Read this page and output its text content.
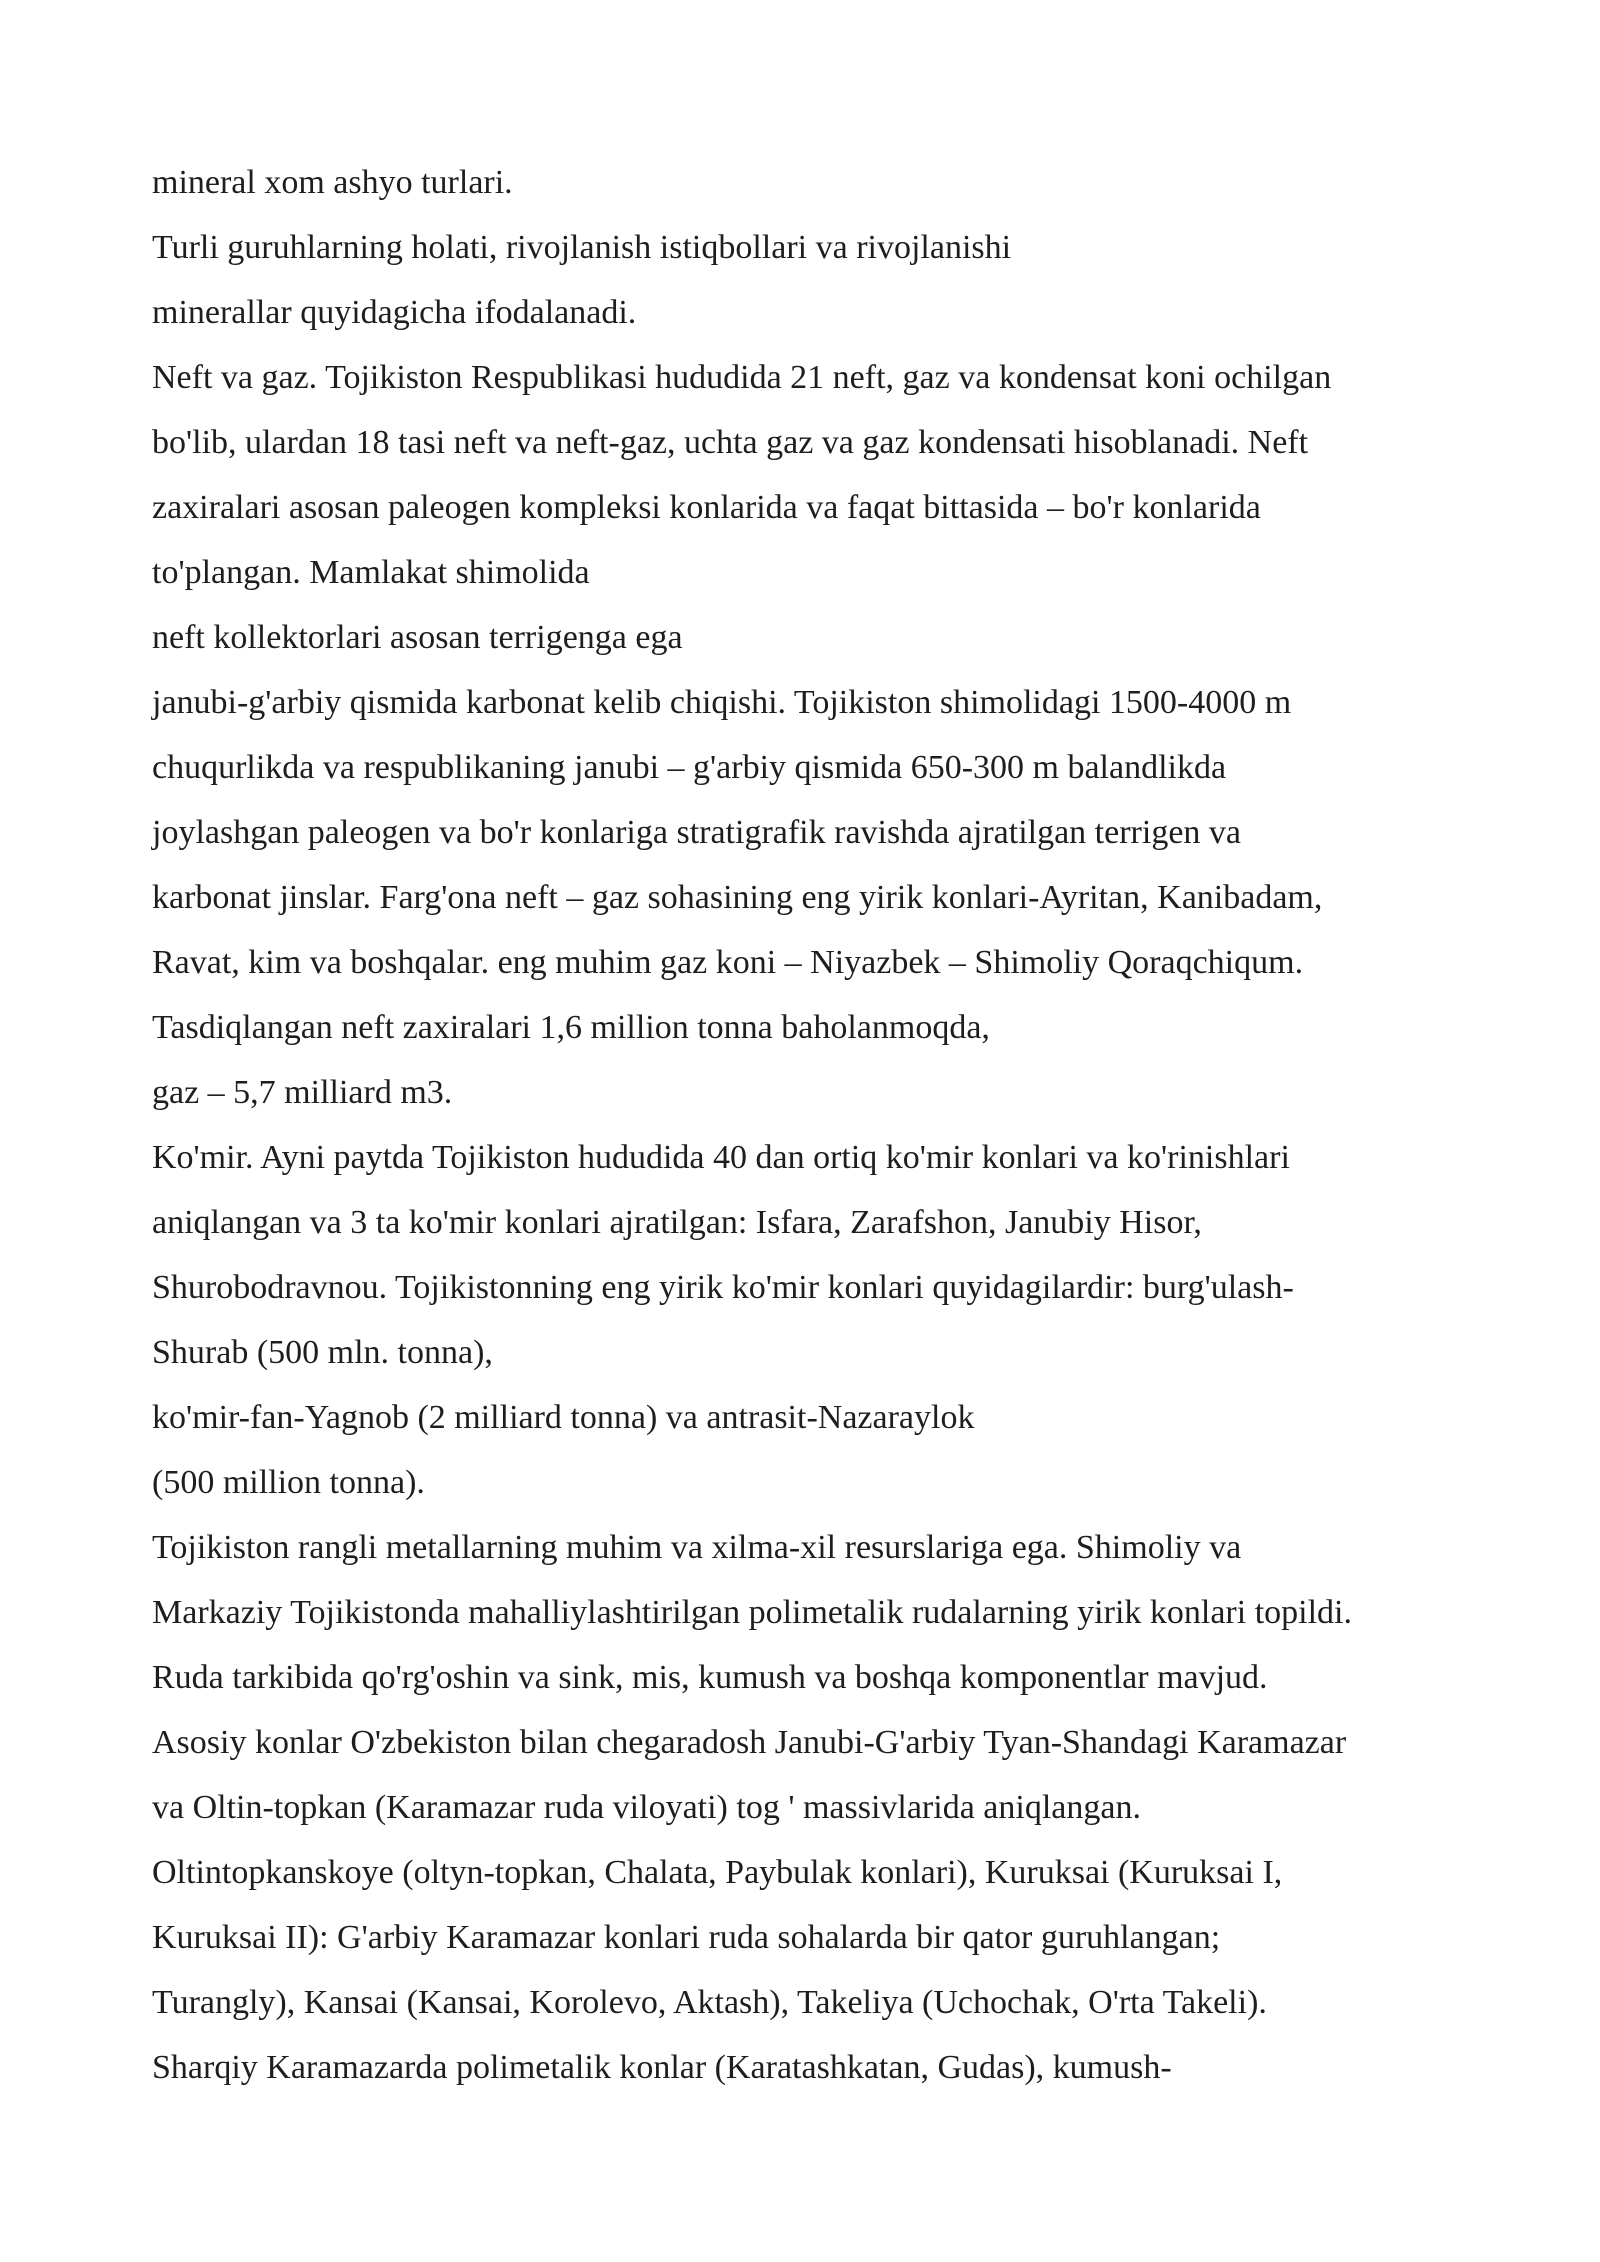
mineral xom ashyo turlari.
Turli guruhlarning holati, rivojlanish istiqbollari va rivojlanishi
minerallar quyidagicha ifodalanadi.
Neft va gaz. Tojikiston Respublikasi hududida 21 neft, gaz va kondensat koni ochilgan
bo'lib, ulardan 18 tasi neft va neft-gaz, uchta gaz va gaz kondensati hisoblanadi. Neft
zaxiralari asosan paleogen kompleksi konlarida va faqat bittasida – bo'r konlarida
to'plangan. Mamlakat shimolida
neft kollektorlari asosan terrigenga ega
janubi-g'arbiy qismida karbonat kelib chiqishi. Tojikiston shimolidagi 1500-4000 m
chuqurlikda va respublikaning janubi – g'arbiy qismida 650-300 m balandlikda
joylashgan paleogen va bo'r konlariga stratigrafik ravishda ajratilgan terrigen va
karbonat jinslar. Farg'ona neft – gaz sohasining eng yirik konlari-Ayritan, Kanibadam,
Ravat, kim va boshqalar. eng muhim gaz koni – Niyazbek – Shimoliy Qoraqchiqum.
Tasdiqlangan neft zaxiralari 1,6 million tonna baholanmoqda,
gaz – 5,7 milliard m3.
Ko'mir. Ayni paytda Tojikiston hududida 40 dan ortiq ko'mir konlari va ko'rinishlari
aniqlangan va 3 ta ko'mir konlari ajratilgan: Isfara, Zarafshon, Janubiy Hisor,
Shurobodravnou. Tojikistonning eng yirik ko'mir konlari quyidagilardir: burg'ulash-
Shurab (500 mln. tonna),
ko'mir-fan-Yagnob (2 milliard tonna) va antrasit-Nazaraylok
(500 million tonna).
Tojikiston rangli metallarning muhim va xilma-xil resurslariga ega. Shimoliy va
Markaziy Tojikistonda mahalliylashtirilgan polimetalik rudalarning yirik konlari topildi.
Ruda tarkibida qo'rg'oshin va sink, mis, kumush va boshqa komponentlar mavjud.
Asosiy konlar O'zbekiston bilan chegaradosh Janubi-G'arbiy Tyan-Shandagi Karamazar
va Oltin-topkan (Karamazar ruda viloyati) tog ' massivlarida aniqlangan.
Oltintopkanskoye (oltyn-topkan, Chalata, Paybulak konlari), Kuruksai (Kuruksai I,
Kuruksai II): G'arbiy Karamazar konlari ruda sohalarda bir qator guruhlangan;
Turangly), Kansai (Kansai, Korolevo, Aktash), Takeliya (Uchochak, O'rta Takeli).
Sharqiy Karamazarda polimetalik konlar (Karatashkatan, Gudas), kumush-
